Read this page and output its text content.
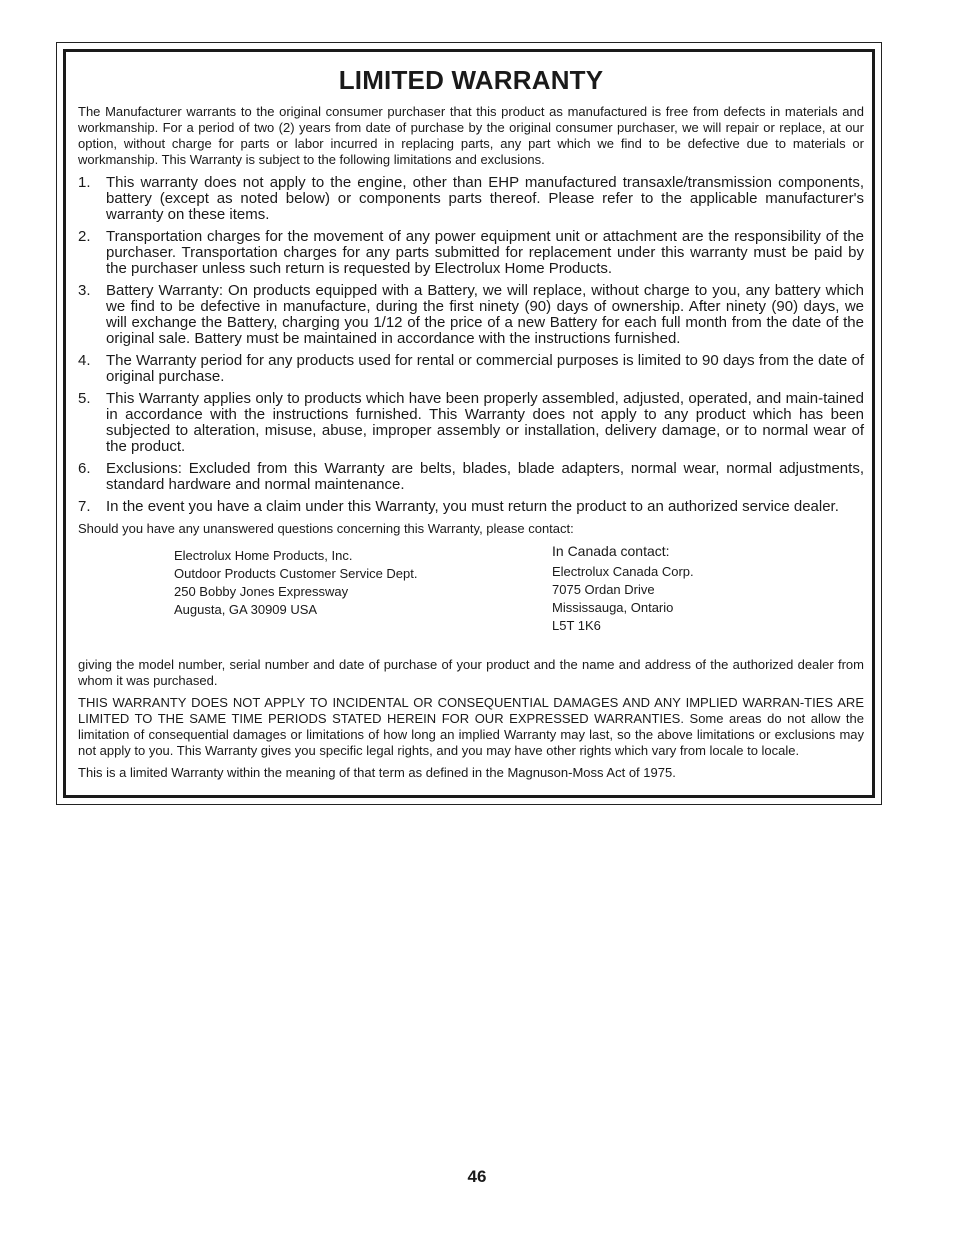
LIMITED WARRANTY

The Manufacturer warrants to the original consumer purchaser that this product as manufactured is free from defects in materials and workmanship. For a period of two (2) years from date of purchase by the original consumer purchaser, we will repair or replace, at our option, without charge for parts or labor incurred in replacing parts, any part which we find to be defective due to materials or workmanship. This Warranty is subject to the following limitations and exclusions.

1. This warranty does not apply to the engine, other than EHP manufactured transaxle/transmission components, battery (except as noted below) or components parts thereof. Please refer to the applicable manufacturer's warranty on these items.
2. Transportation charges for the movement of any power equipment unit or attachment are the responsibility of the purchaser. Transportation charges for any parts submitted for replacement under this warranty must be paid by the purchaser unless such return is requested by Electrolux Home Products.
3. Battery Warranty: On products equipped with a Battery, we will replace, without charge to you, any battery which we find to be defective in manufacture, during the first ninety (90) days of ownership. After ninety (90) days, we will exchange the Battery, charging you 1/12 of the price of a new Battery for each full month from the date of the original sale. Battery must be maintained in accordance with the instructions furnished.
4. The Warranty period for any products used for rental or commercial purposes is limited to 90 days from the date of original purchase.
5. This Warranty applies only to products which have been properly assembled, adjusted, operated, and main-tained in accordance with the instructions furnished. This Warranty does not apply to any product which has been subjected to alteration, misuse, abuse, improper assembly or installation, delivery damage, or to normal wear of the product.
6. Exclusions: Excluded from this Warranty are belts, blades, blade adapters, normal wear, normal adjustments, standard hardware and normal maintenance.
7. In the event you have a claim under this Warranty, you must return the product to an authorized service dealer.

Should you have any unanswered questions concerning this Warranty, please contact:

Electrolux Home Products, Inc.
Outdoor Products Customer Service Dept.
250 Bobby Jones Expressway
Augusta, GA 30909 USA
In Canada contact:
Electrolux Canada Corp.
7075 Ordan Drive
Mississauga, Ontario
L5T 1K6

giving the model number, serial number and date of purchase of your product and the name and address of the authorized dealer from whom it was purchased.

THIS WARRANTY DOES NOT APPLY TO INCIDENTAL OR CONSEQUENTIAL DAMAGES AND ANY IMPLIED WARRAN-TIES ARE LIMITED TO THE SAME TIME PERIODS STATED HEREIN FOR OUR EXPRESSED WARRANTIES. Some areas do not allow the limitation of consequential damages or limitations of how long an implied Warranty may last, so the above limitations or exclusions may not apply to you. This Warranty gives you specific legal rights, and you may have other rights which vary from locale to locale.

This is a limited Warranty within the meaning of that term as defined in the Magnuson-Moss Act of 1975.

46
